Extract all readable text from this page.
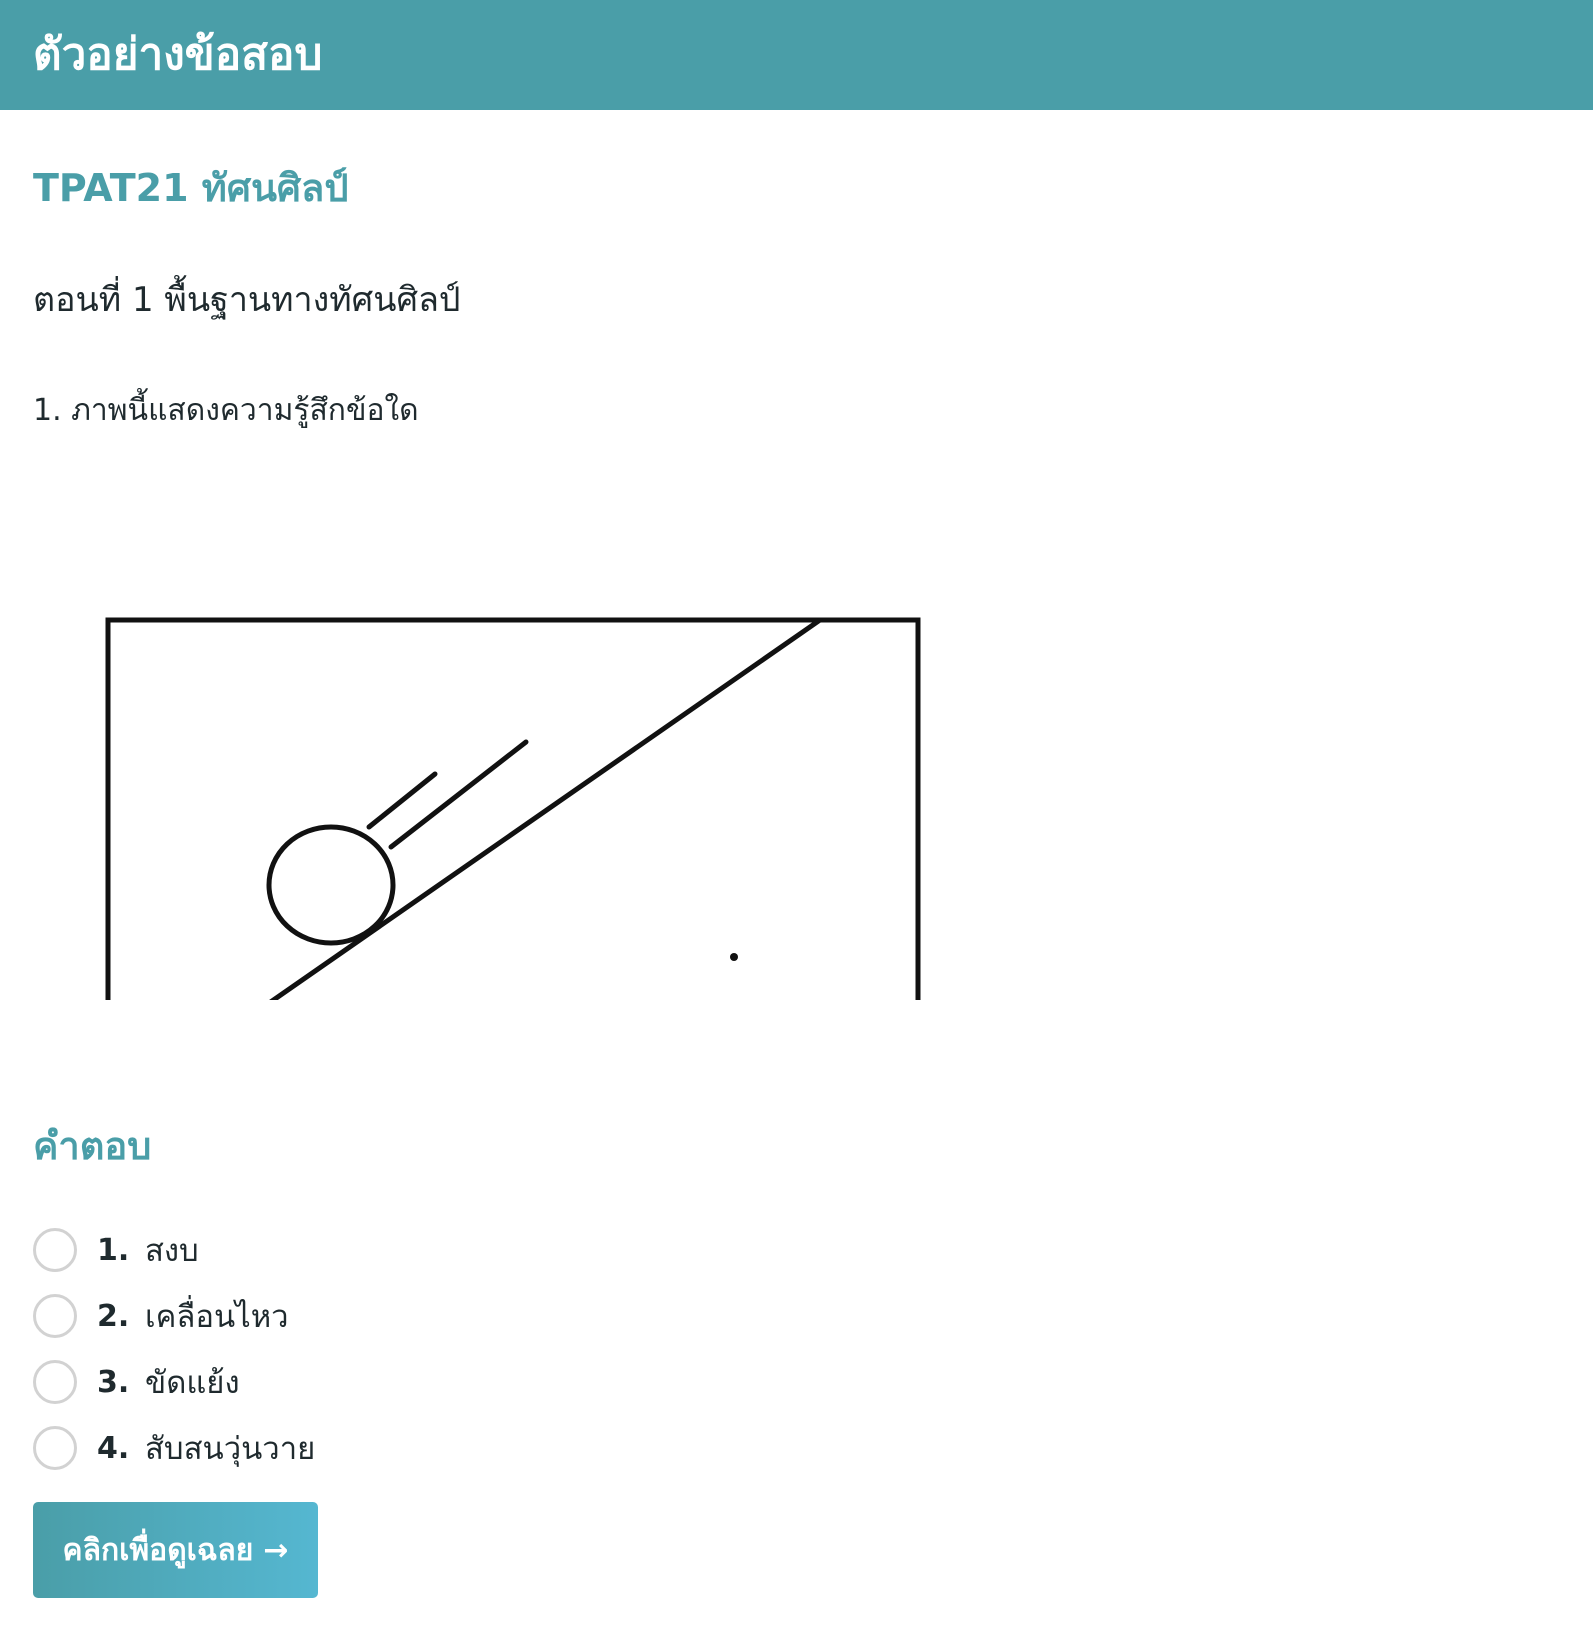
ตัวอย่างข้อสอบ
TPAT21 ทัศนศิลป์
ตอนที่ 1 พื้นฐานทางทัศนศิลป์
1. ภาพนี้แสดงความรู้สึกข้อใด
คำตอบ
1. สงบ
2. เคลื่อนไหว
3. ขัดแย้ง
4. สับสนวุ่นวาย
คลิกเพื่อดูเฉลย →
